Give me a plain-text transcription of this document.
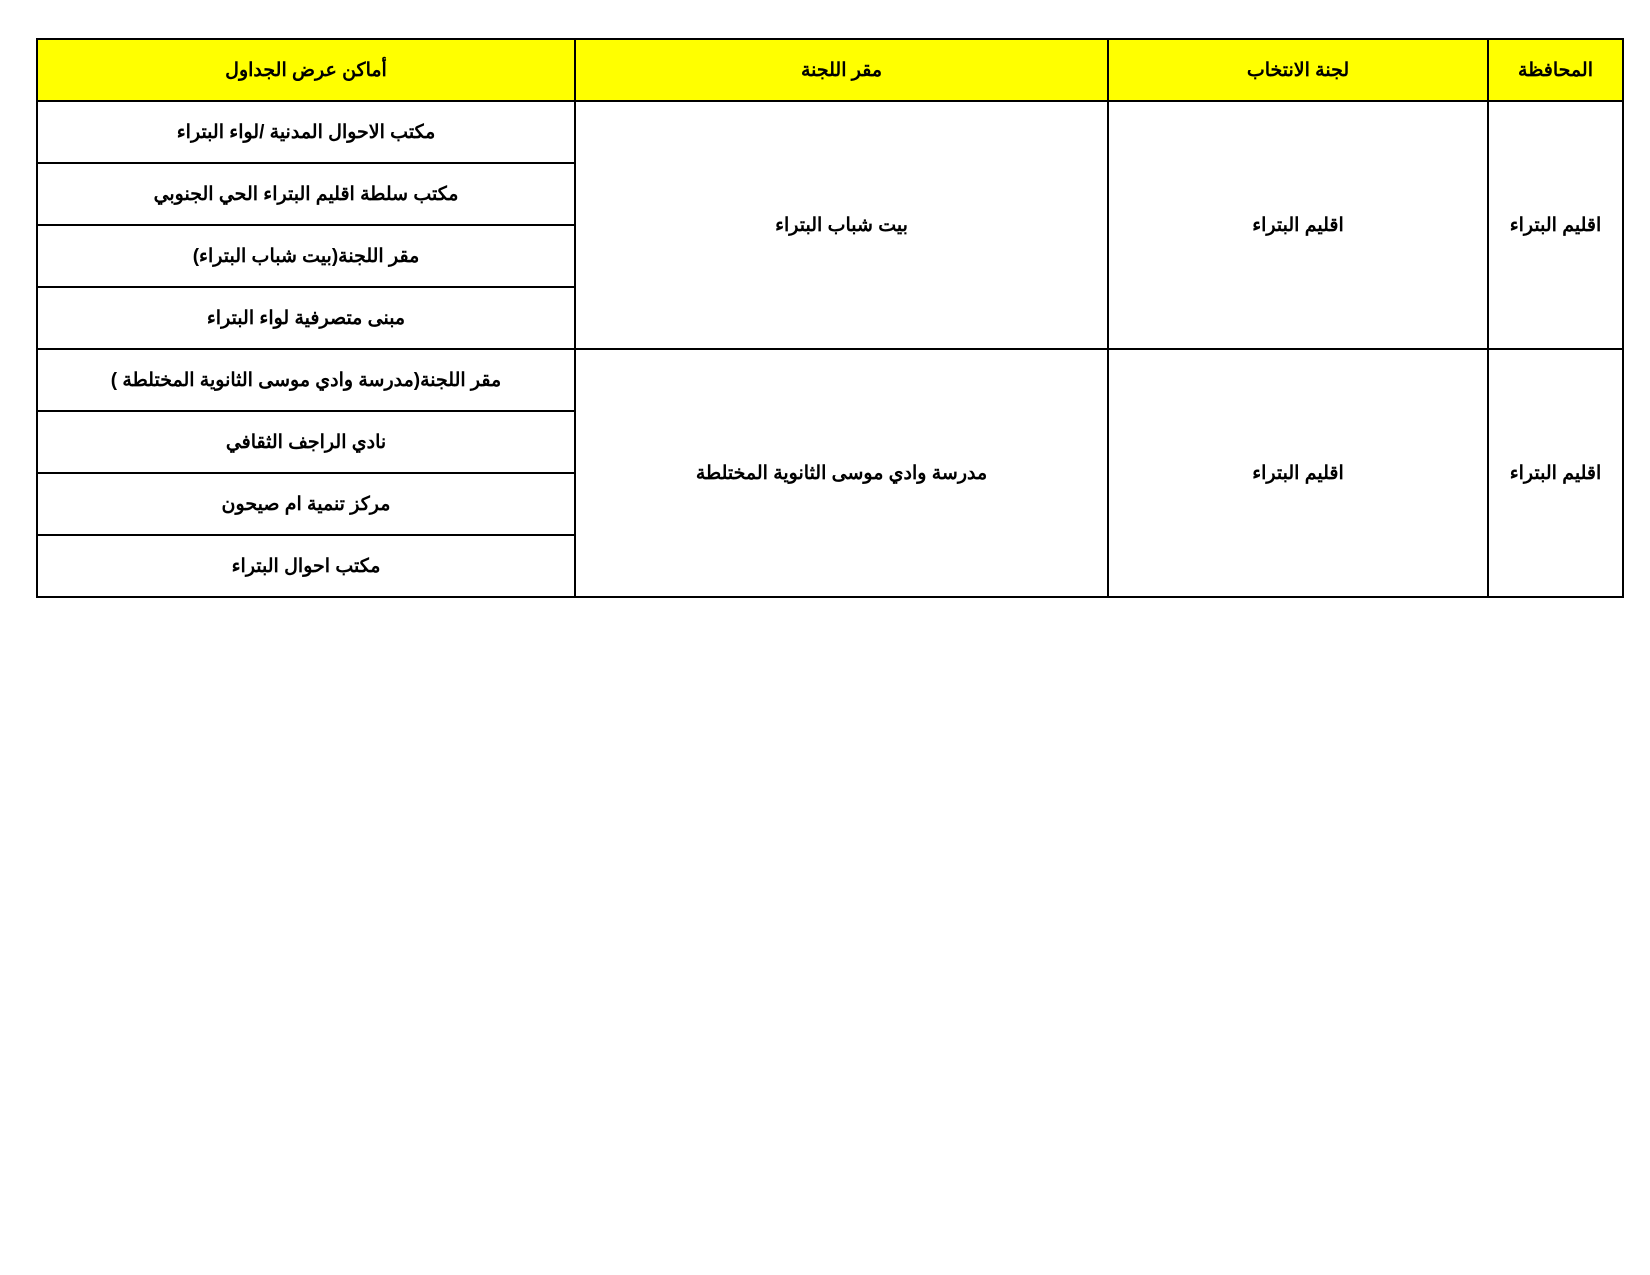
المحافظة	لجنة الانتخاب	مقر اللجنة	أماكن عرض الجداول
اقليم البتراء	اقليم البتراء	بيت شباب البتراء	مكتب الاحوال المدنية /لواء البتراء
			مكتب سلطة اقليم البتراء الحي الجنوبي
			مقر اللجنة(بيت شباب البتراء)
			مبنى متصرفية لواء البتراء
اقليم البتراء	اقليم البتراء	مدرسة وادي موسى الثانوية المختلطة	مقر اللجنة(مدرسة وادي موسى الثانوية المختلطة )
			نادي الراجف الثقافي
			مركز تنمية ام صيحون
			مكتب احوال البتراء
